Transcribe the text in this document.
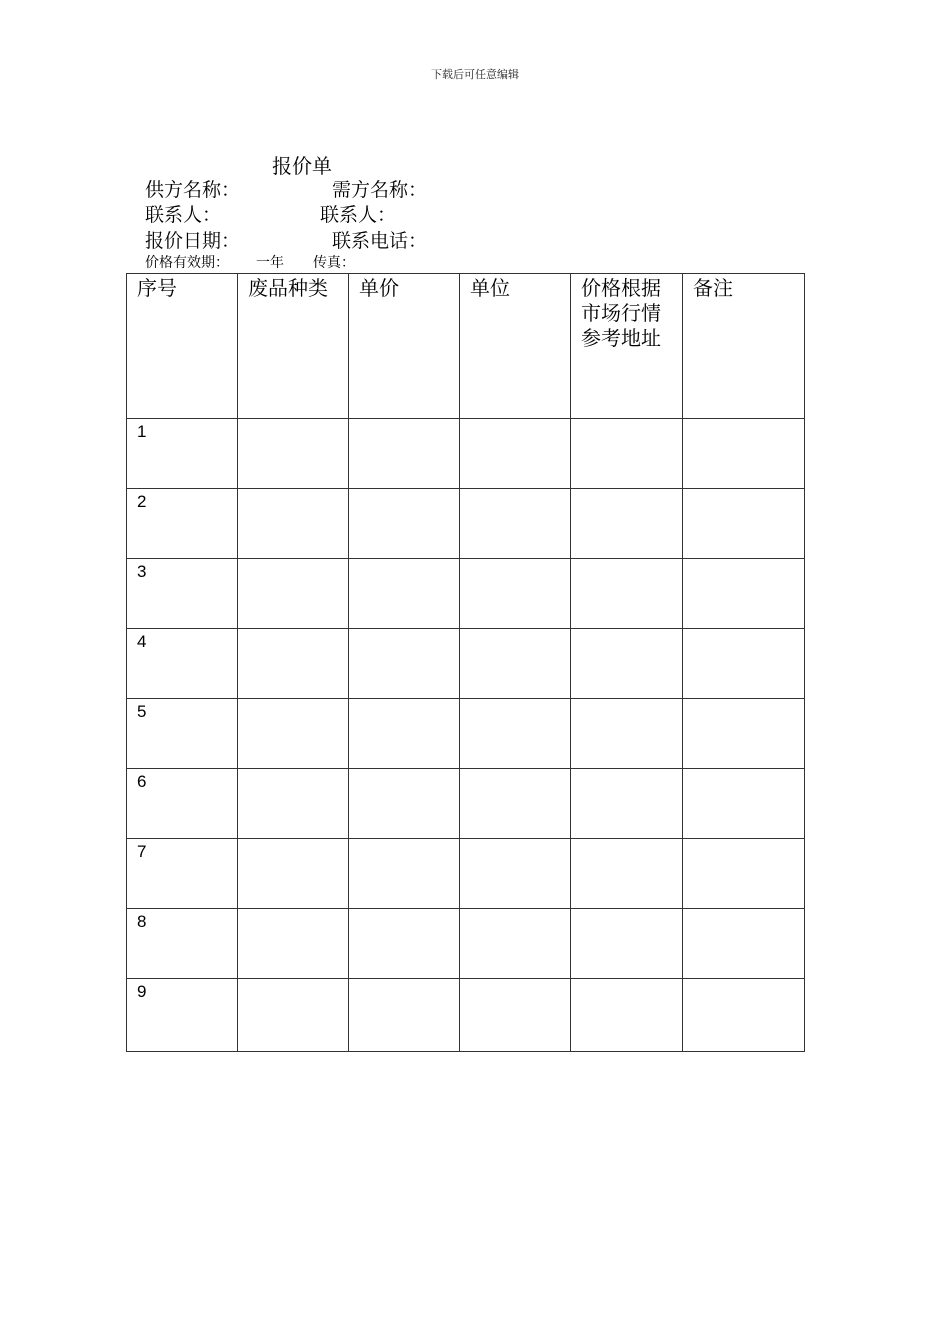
下载后可任意编辑
报价单
供方名称：	需方名称：
联系人：	联系人：
报价日期：	联系电话：
价格有效期： 一年 传真：
序号	废品种类	单价	单位	价格根据市场行情参考地址	备注
1					
2					
3					
4					
5					
6					
7					
8					
9					
